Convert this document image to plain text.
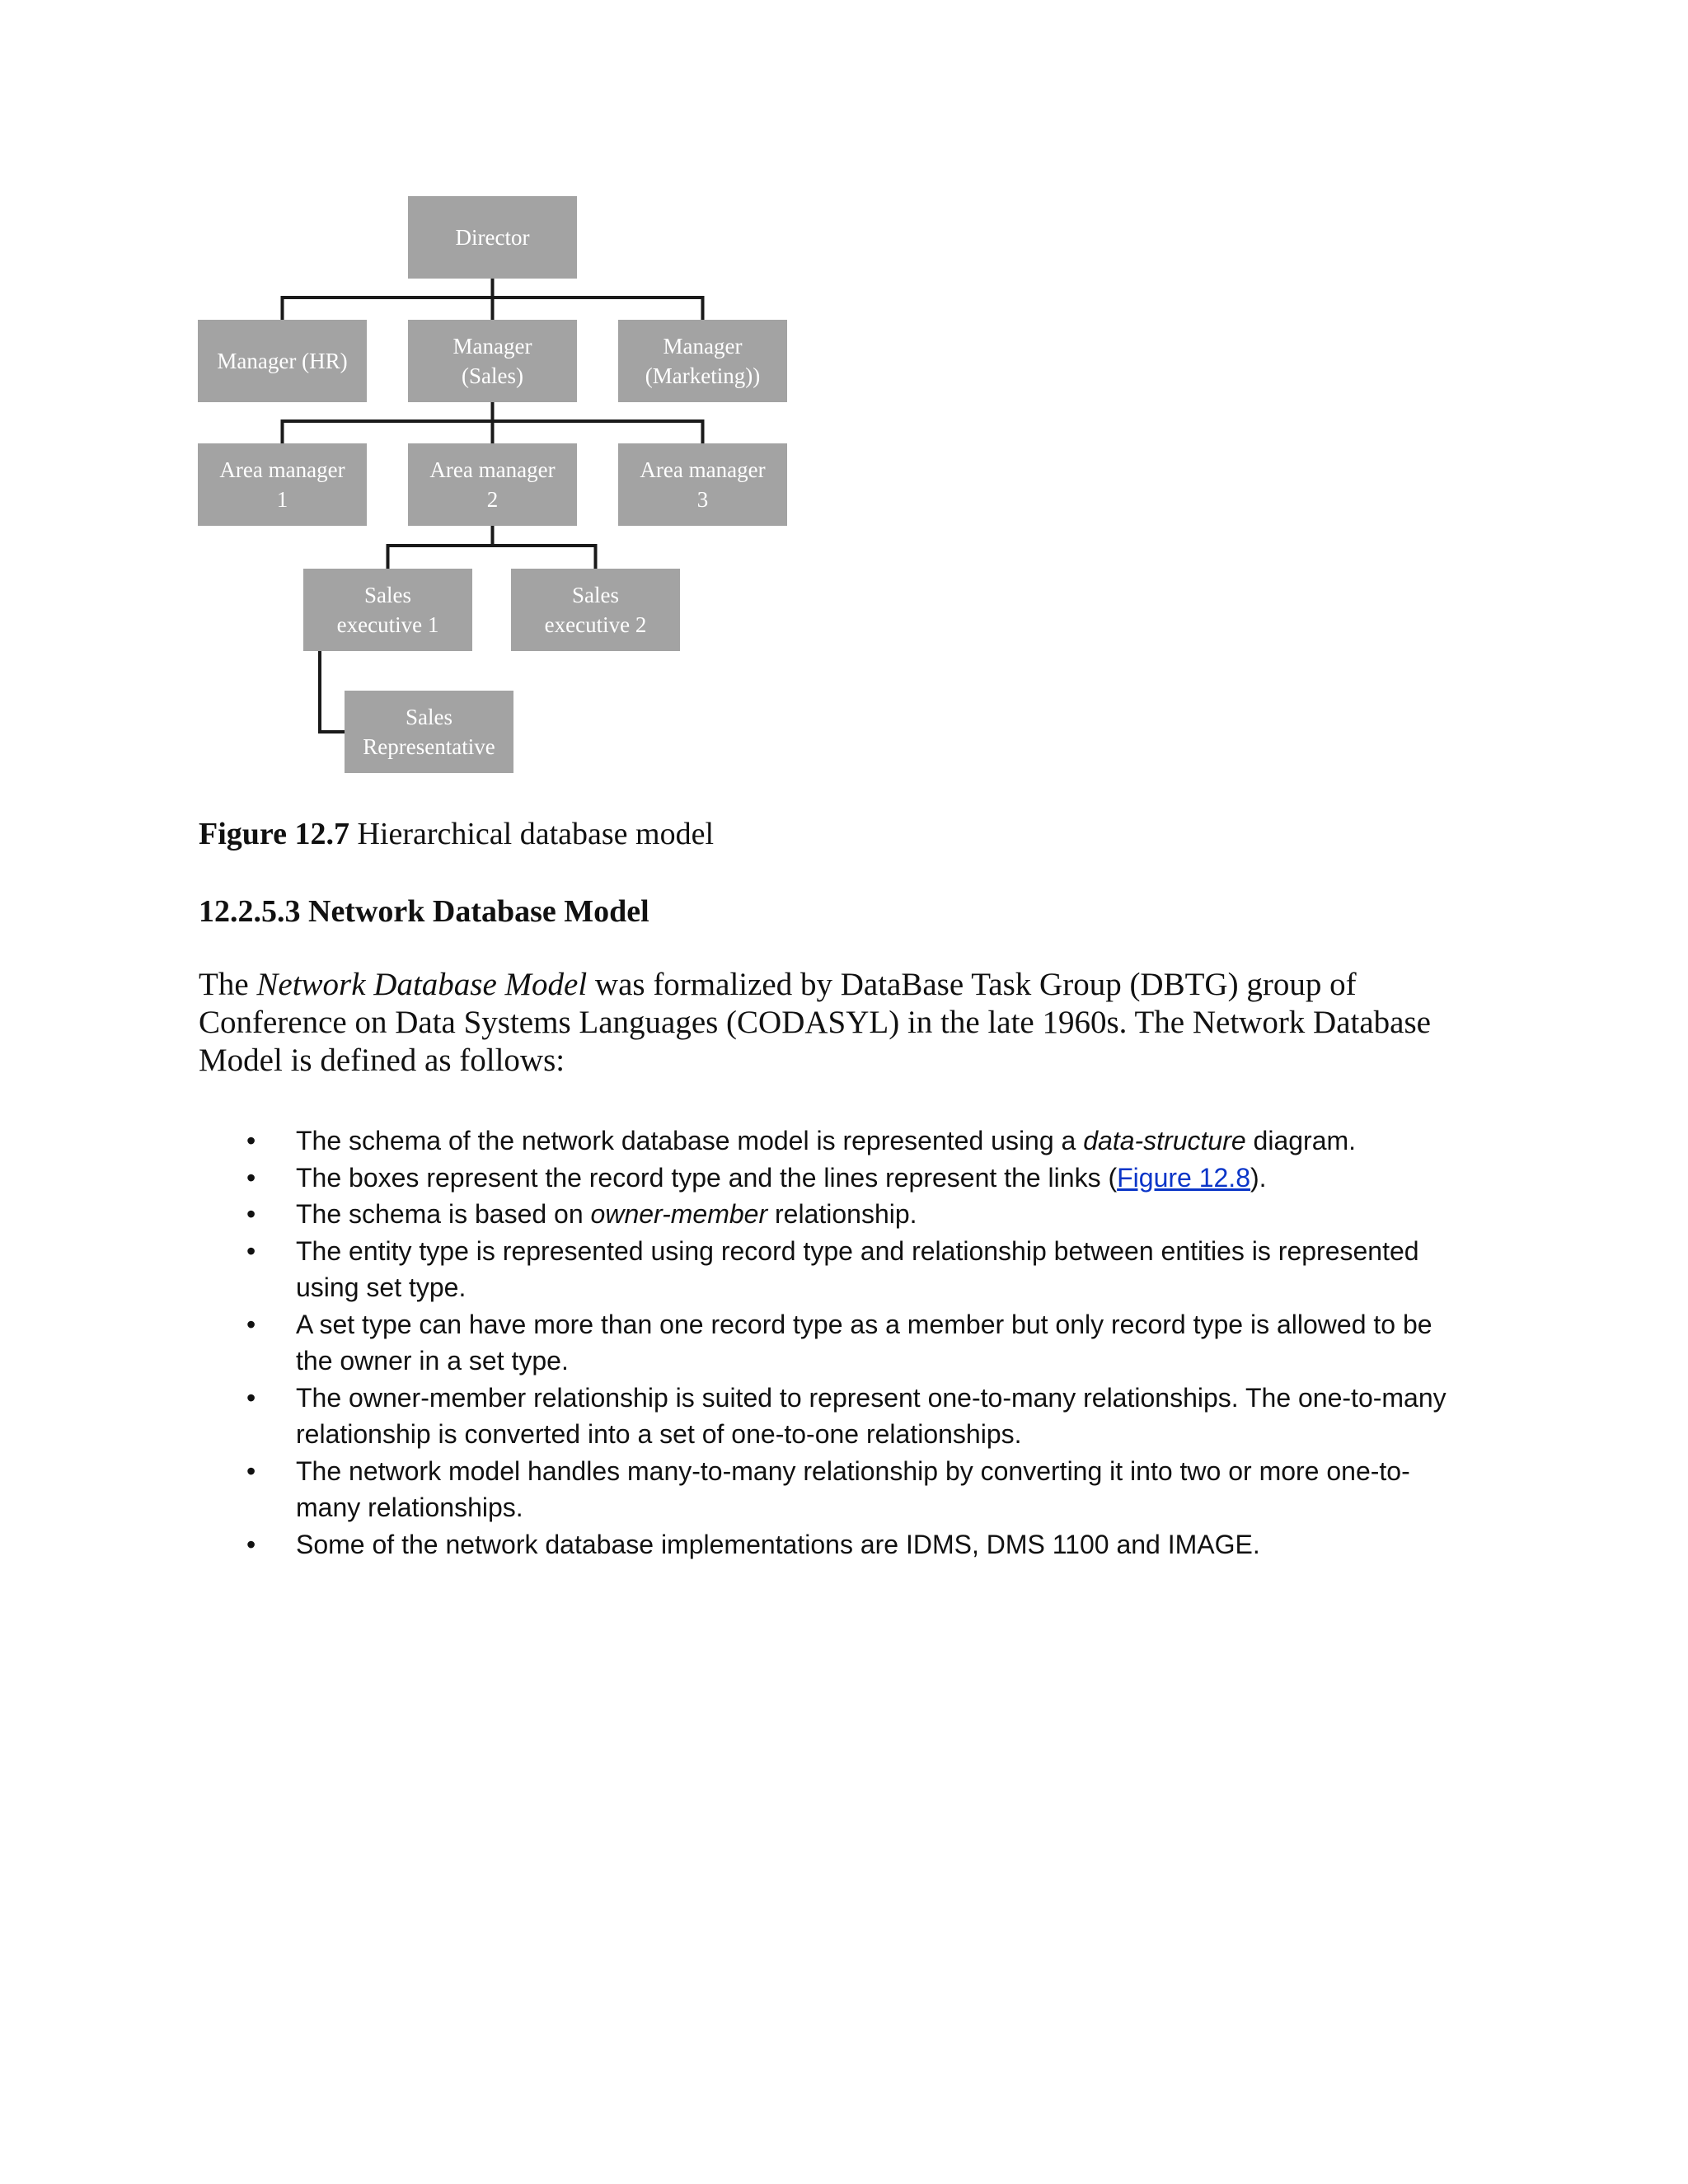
Director
Manager (HR)
Manager
(Sales)
Manager
(Marketing))
Area manager
1
Area manager
2
Area manager
3
Sales
executive 1
Sales
executive 2
Sales
Representative

Figure 12.7 Hierarchical database model

12.2.5.3 Network Database Model

The Network Database Model was formalized by DataBase Task Group (DBTG) group of Conference on Data Systems Languages (CODASYL) in the late 1960s. The Network Database Model is defined as follows:

• The schema of the network database model is represented using a data-structure diagram.
• The boxes represent the record type and the lines represent the links (Figure 12.8).
• The schema is based on owner-member relationship.
• The entity type is represented using record type and relationship between entities is represented using set type.
• A set type can have more than one record type as a member but only record type is allowed to be the owner in a set type.
• The owner-member relationship is suited to represent one-to-many relationships. The one-to-many relationship is converted into a set of one-to-one relationships.
• The network model handles many-to-many relationship by converting it into two or more one-to-many relationships.
• Some of the network database implementations are IDMS, DMS 1100 and IMAGE.
